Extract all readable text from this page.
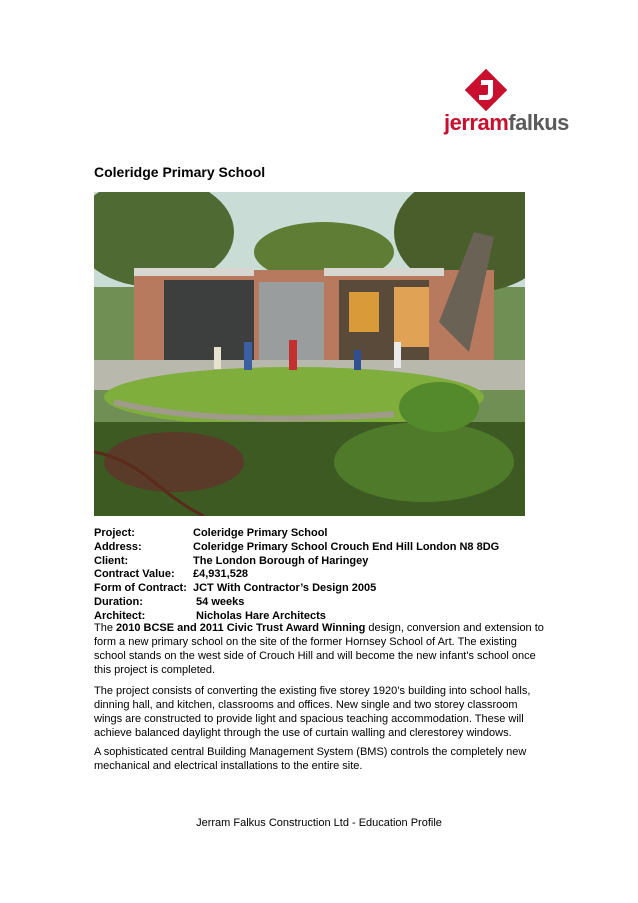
jerramfalkus
Coleridge Primary School
Project:	Coleridge Primary School
Address:	Coleridge Primary School Crouch End Hill London N8 8DG
Client:	The London Borough of Haringey
Contract Value:	£4,931,528
Form of Contract: JCT With Contractor’s Design 2005
Duration:	54 weeks
Architect:	Nicholas Hare Architects
The 2010 BCSE and 2011 Civic Trust Award Winning design, conversion and extension to form a new primary school on the site of the former Hornsey School of Art. The existing school stands on the west side of Crouch Hill and will become the new infant's school once this project is completed.
The project consists of converting the existing five storey 1920’s building into school halls, dinning hall, and kitchen, classrooms and offices. New single and two storey classroom wings are constructed to provide light and spacious teaching accommodation. These will achieve balanced daylight through the use of curtain walling and clerestorey windows.
A sophisticated central Building Management System (BMS) controls the completely new mechanical and electrical installations to the entire site.
Jerram Falkus Construction Ltd - Education Profile
